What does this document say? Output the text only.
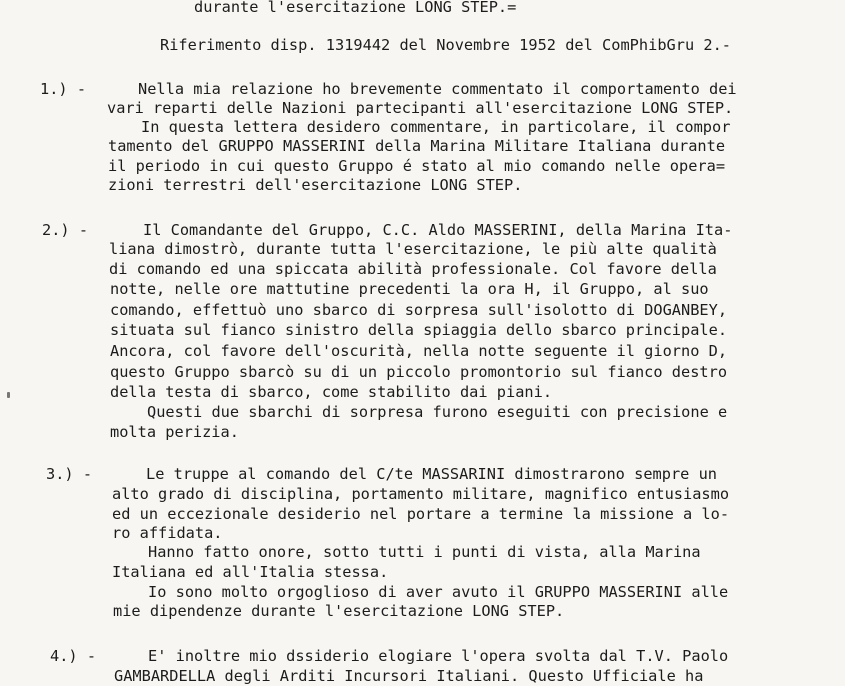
durante l'esercitazione LONG STEP.=

Riferimento disp. 1319442 del Novembre 1952 del ComPhibGru 2.-

1.) -	Nella mia relazione ho brevemente commentato il comportamento dei

vari reparti delle Nazioni partecipanti all'esercitazione LONG STEP.

In questa lettera desidero commentare, in particolare, il compor

tamento del GRUPPO MASSERINI della Marina Militare Italiana durante

il periodo in cui questo Gruppo é stato al mio comando nelle opera=

zioni terrestri dell'esercitazione LONG STEP.

2.) -	Il Comandante del Gruppo, C.C. Aldo MASSERINI, della Marina Ita-

liana dimostrò, durante tutta l'esercitazione, le più alte qualità

di comando ed una spiccata abilità professionale. Col favore della

notte, nelle ore mattutine precedenti la ora H, il Gruppo, al suo

comando, effettuò uno sbarco di sorpresa sull'isolotto di DOGANBEY,

situata sul fianco sinistro della spiaggia dello sbarco principale.

Ancora, col favore dell'oscurità, nella notte seguente il giorno D,

questo Gruppo sbarcò su di un piccolo promontorio sul fianco destro

della testa di sbarco, come stabilito dai piani.

Questi due sbarchi di sorpresa furono eseguiti con precisione e

molta perizia.

3.) -	Le truppe al comando del C/te MASSARINI dimostrarono sempre un

alto grado di disciplina, portamento militare, magnifico entusiasmo

ed un eccezionale desiderio nel portare a termine la missione a lo-

ro affidata.

Hanno fatto onore, sotto tutti i punti di vista, alla Marina

Italiana ed all'Italia stessa.

Io sono molto orgoglioso di aver avuto il GRUPPO MASSERINI alle

mie dipendenze durante l'esercitazione LONG STEP.

4.) -	E' inoltre mio dssiderio elogiare l'opera svolta dal T.V. Paolo

GAMBARDELLA degli Arditi Incursori Italiani. Questo Ufficiale ha
